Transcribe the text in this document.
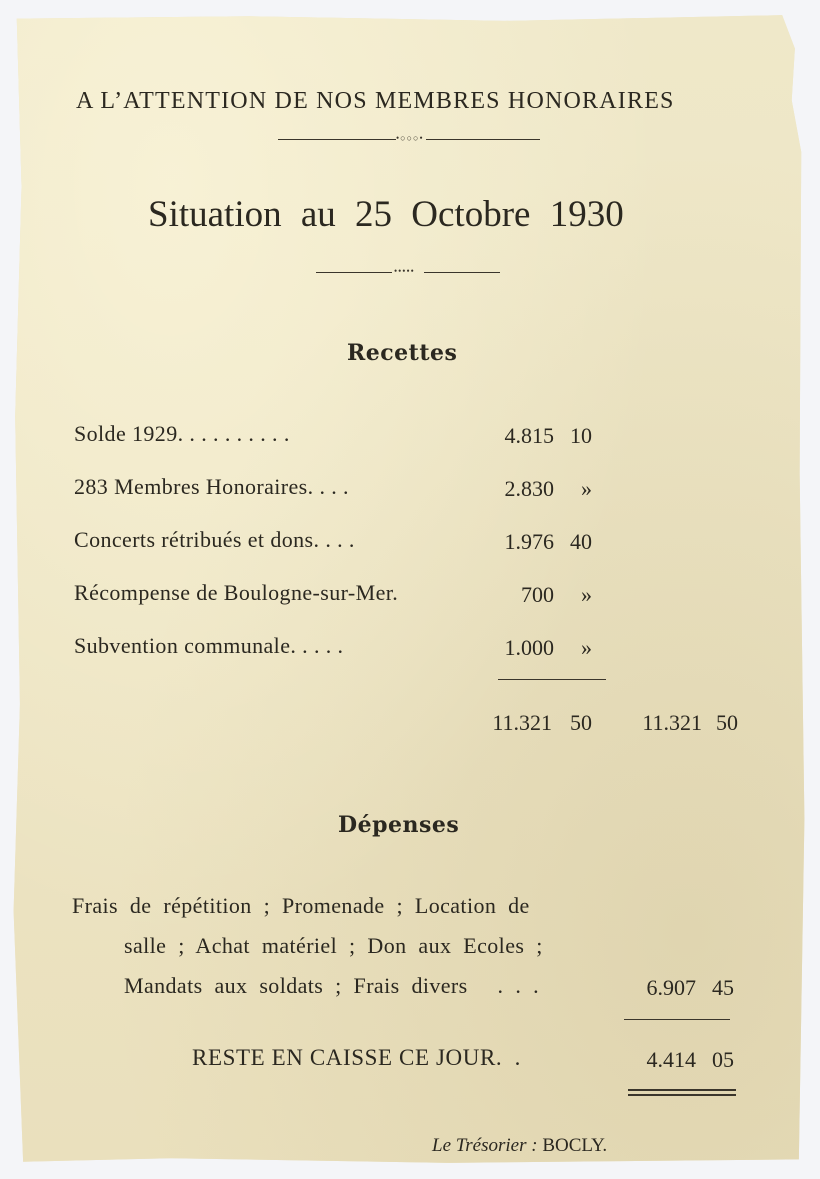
A L’ATTENTION DE NOS MEMBRES HONORAIRES
•○○○•
Situation au 25 Octobre 1930
•••••
Recettes
Solde 1929. . . . . . . . . .	4.815 10
283 Membres Honoraires. . . .	2.830	»
Concerts rétribués et dons. . . .	1.976 40
Récompense de Boulogne-sur-Mer.	700	»
Subvention communale. . . . .	1.000	»
11.321 50	11.321 50
Dépenses
Frais de répétition ; Promenade ; Location de
salle ; Achat matériel ; Don aux Ecoles ;
Mandats aux soldats ; Frais divers . . .	6.907 45
RESTE EN CAISSE CE JOUR. .	4.414 05
Le Trésorier : BOCLY.
